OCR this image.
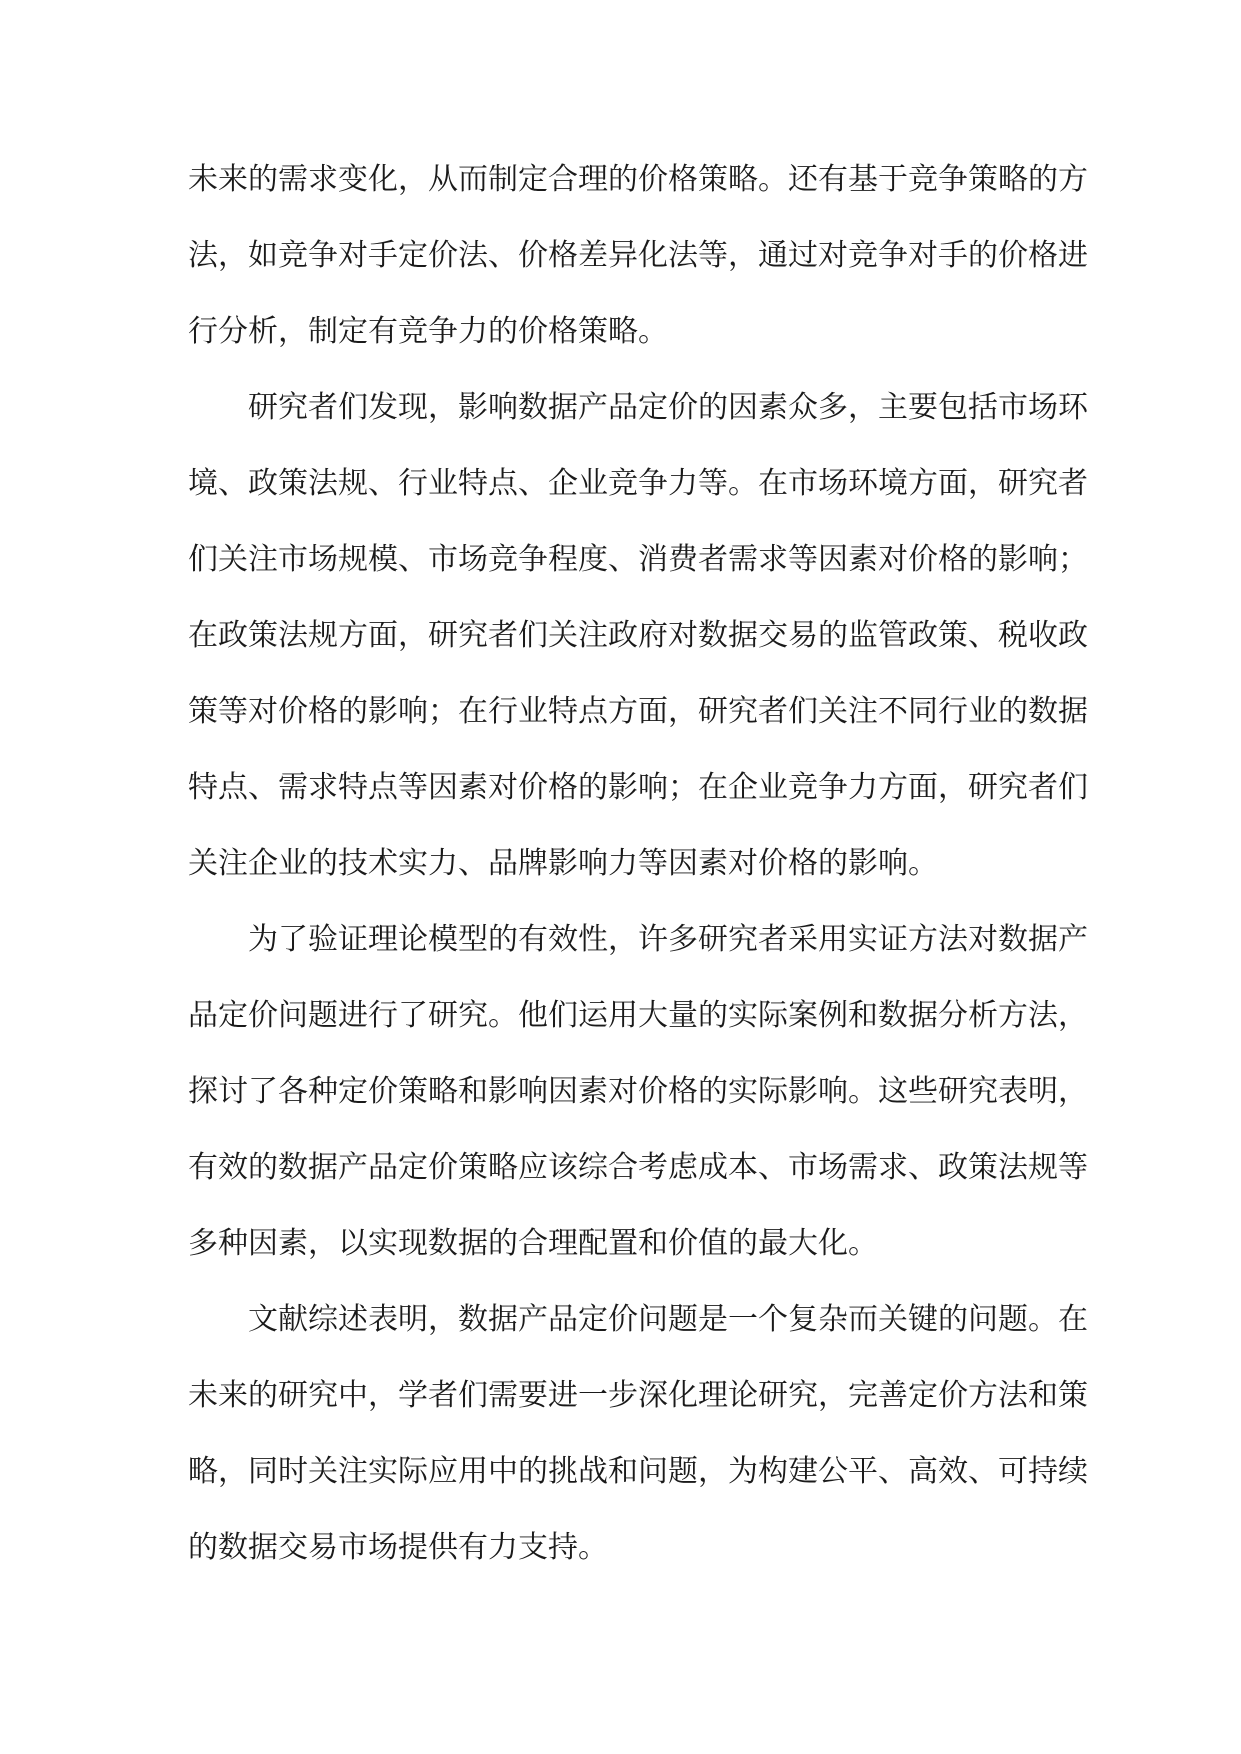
未来的需求变化，从而制定合理的价格策略。还有基于竞争策略的方
法，如竞争对手定价法、价格差异化法等，通过对竞争对手的价格进
行分析，制定有竞争力的价格策略。

研究者们发现，影响数据产品定价的因素众多，主要包括市场环
境、政策法规、行业特点、企业竞争力等。在市场环境方面，研究者
们关注市场规模、市场竞争程度、消费者需求等因素对价格的影响；
在政策法规方面，研究者们关注政府对数据交易的监管政策、税收政
策等对价格的影响；在行业特点方面，研究者们关注不同行业的数据
特点、需求特点等因素对价格的影响；在企业竞争力方面，研究者们
关注企业的技术实力、品牌影响力等因素对价格的影响。

为了验证理论模型的有效性，许多研究者采用实证方法对数据产
品定价问题进行了研究。他们运用大量的实际案例和数据分析方法，
探讨了各种定价策略和影响因素对价格的实际影响。这些研究表明，
有效的数据产品定价策略应该综合考虑成本、市场需求、政策法规等
多种因素，以实现数据的合理配置和价值的最大化。

文献综述表明，数据产品定价问题是一个复杂而关键的问题。在
未来的研究中，学者们需要进一步深化理论研究，完善定价方法和策
略，同时关注实际应用中的挑战和问题，为构建公平、高效、可持续
的数据交易市场提供有力支持。
